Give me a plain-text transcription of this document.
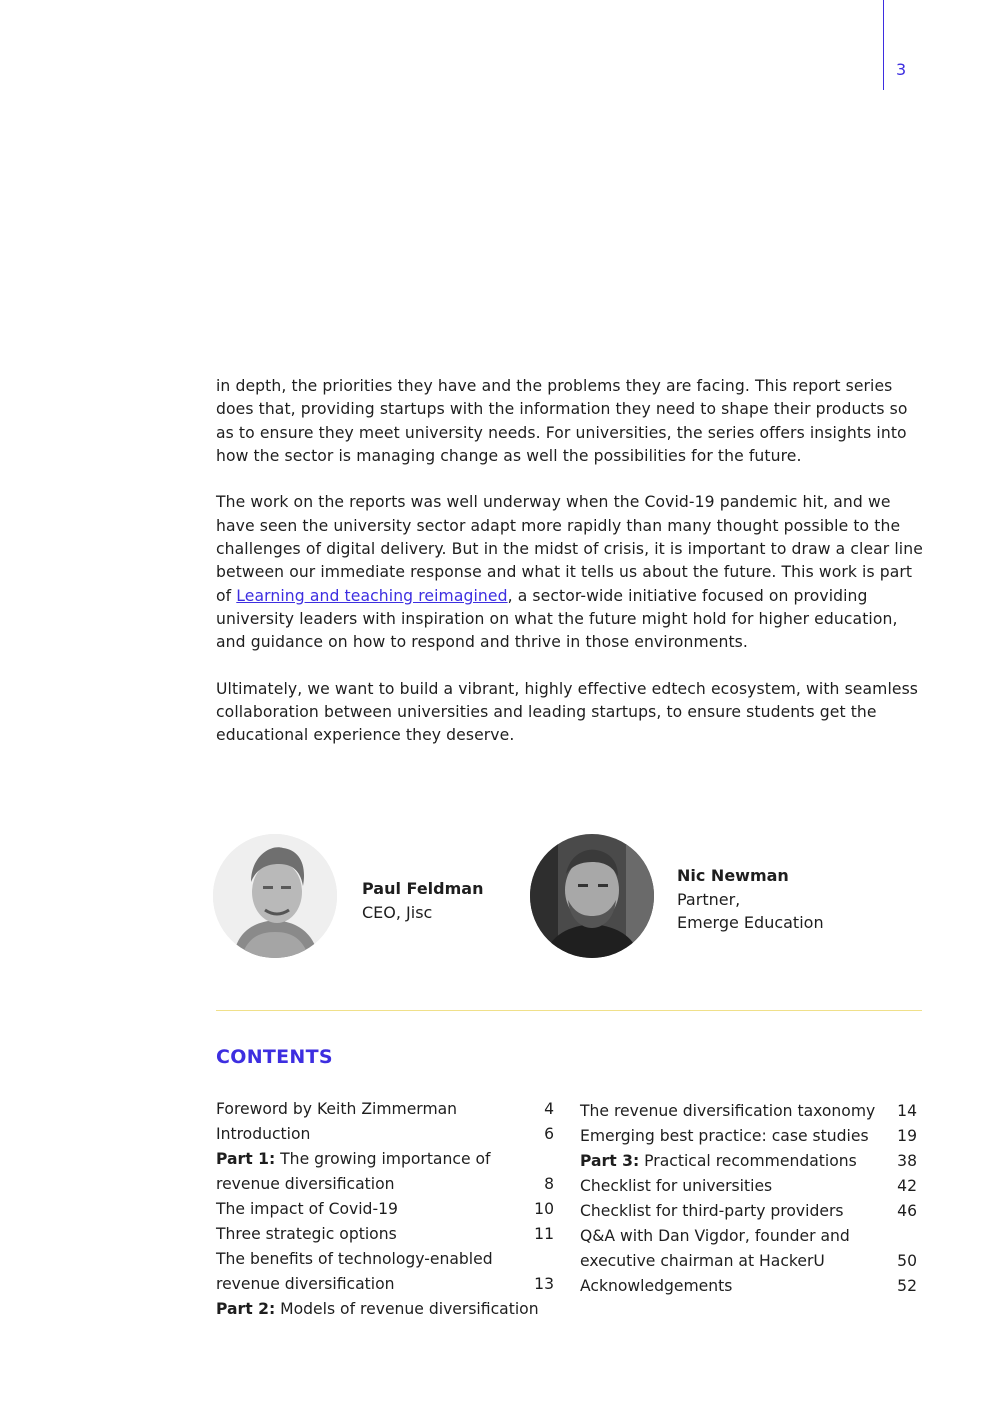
3

in depth, the priorities they have and the problems they are facing. This report series does that, providing startups with the information they need to shape their products so as to ensure they meet university needs. For universities, the series offers insights into how the sector is managing change as well the possibilities for the future.

The work on the reports was well underway when the Covid-19 pandemic hit, and we have seen the university sector adapt more rapidly than many thought possible to the challenges of digital delivery. But in the midst of crisis, it is important to draw a clear line between our immediate response and what it tells us about the future. This work is part of Learning and teaching reimagined, a sector-wide initiative focused on providing university leaders with inspiration on what the future might hold for higher education, and guidance on how to respond and thrive in those environments.

Ultimately, we want to build a vibrant, highly effective edtech ecosystem, with seamless collaboration between universities and leading startups, to ensure students get the educational experience they deserve.

Paul Feldman
CEO, Jisc
Nic Newman
Partner,
Emerge Education
CONTENTS
Foreword by Keith Zimmerman	4
Introduction	6
Part 1: The growing importance of
revenue diversification	8
The impact of Covid-19	10
Three strategic options	11
The benefits of technology-enabled
revenue diversification	13
Part 2: Models of revenue diversification
The revenue diversification taxonomy 14
Emerging best practice: case studies 19
Part 3: Practical recommendations	38
Checklist for universities	42
Checklist for third-party providers	46
Q&A with Dan Vigdor, founder and
executive chairman at HackerU	50
Acknowledgements	52
